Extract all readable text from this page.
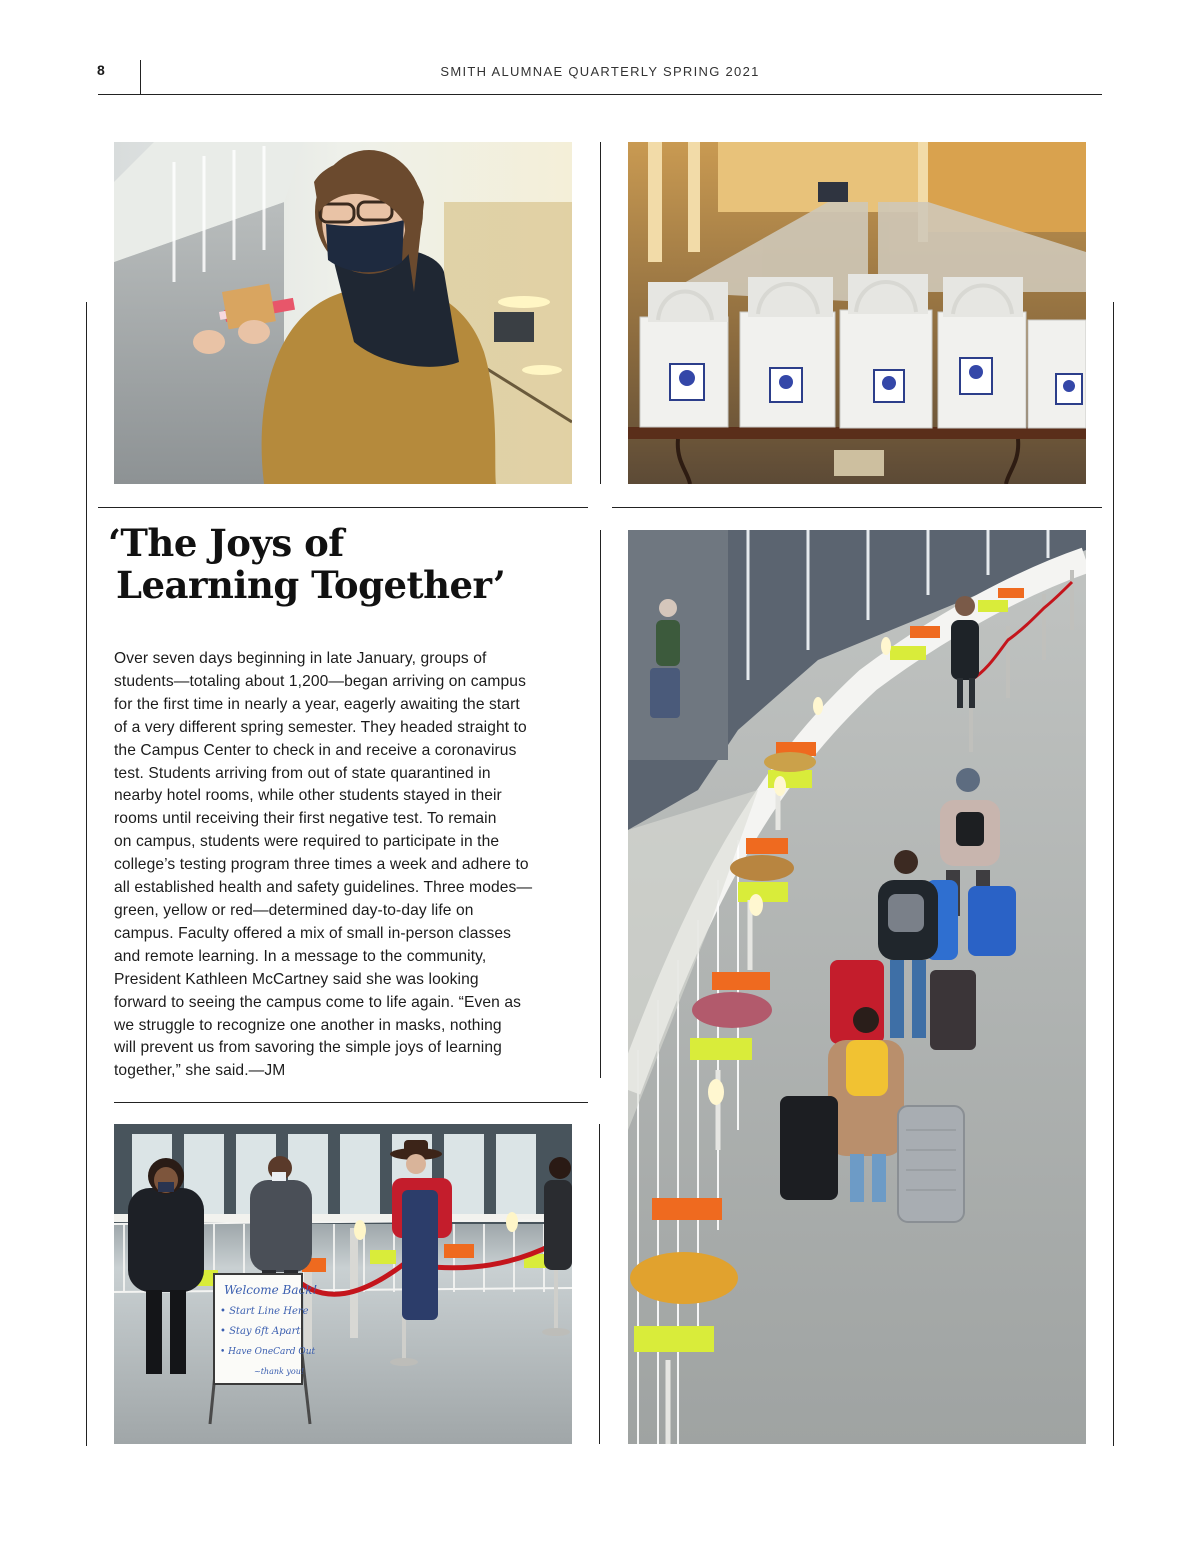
8	SMITH ALUMNAE QUARTERLY SPRING 2021
‘The Joys of
Learning Together’
Over seven days beginning in late January, groups of
students—totaling about 1,200—began arriving on campus
for the first time in nearly a year, eagerly awaiting the start
of a very different spring semester. They headed straight to
the Campus Center to check in and receive a coronavirus
test. Students arriving from out of state quarantined in
nearby hotel rooms, while other students stayed in their
rooms until receiving their first negative test. To remain
on campus, students were required to participate in the
college’s testing program three times a week and adhere to
all established health and safety guidelines. Three modes—
green, yellow or red—determined day-to-day life on
campus. Faculty offered a mix of small in-person classes
and remote learning. In a message to the community,
President Kathleen McCartney said she was looking
forward to seeing the campus come to life again. “Even as
we struggle to recognize one another in masks, nothing
will prevent us from savoring the simple joys of learning
together,” she said.—JM
Welcome Back!
• Start Line Here
• Stay 6ft Apart
• Have OneCard Out
~thank you!
